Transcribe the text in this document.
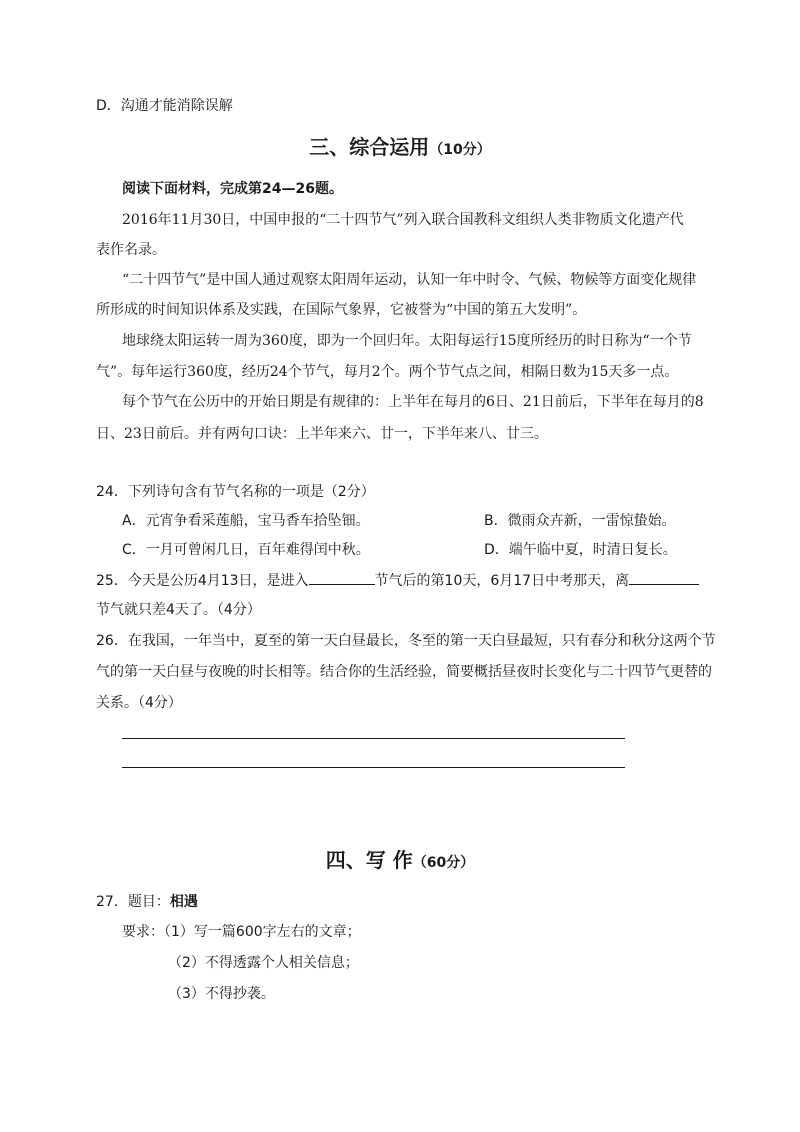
D．沟通才能消除误解
三、综合运用（10分）
阅读下面材料，完成第24—26题。
2016年11月30日，中国申报的“二十四节气”列入联合国教科文组织人类非物质文化遗产代
表作名录。
“二十四节气”是中国人通过观察太阳周年运动，认知一年中时令、气候、物候等方面变化规律
所形成的时间知识体系及实践，在国际气象界，它被誉为“中国的第五大发明”。
地球绕太阳运转一周为360度，即为一个回归年。太阳每运行15度所经历的时日称为“一个节
气”。每年运行360度，经历24个节气，每月2个。两个节气点之间，相隔日数为15天多一点。
每个节气在公历中的开始日期是有规律的：上半年在每月的6日、21日前后，下半年在每月的8
日、23日前后。并有两句口诀：上半年来六、廿一，下半年来八、廿三。
24．下列诗句含有节气名称的一项是（2分）
A．元宵争看采莲船，宝马香车拾坠钿。	B．微雨众卉新，一雷惊蛰始。
C．一月可曾闲几日，百年难得闰中秋。	D．端午临中夏，时清日复长。
25．今天是公历4月13日，是进入	节气后的第10天，6月17日中考那天，离
节气就只差4天了。（4分）
26．在我国，一年当中，夏至的第一天白昼最长，冬至的第一天白昼最短，只有春分和秋分这两个节
气的第一天白昼与夜晚的时长相等。结合你的生活经验，简要概括昼夜时长变化与二十四节气更替的
关系。（4分）
四、写 作（60分）
27．题目：相遇
要求：（1）写一篇600字左右的文章；
（2）不得透露个人相关信息；
（3）不得抄袭。
